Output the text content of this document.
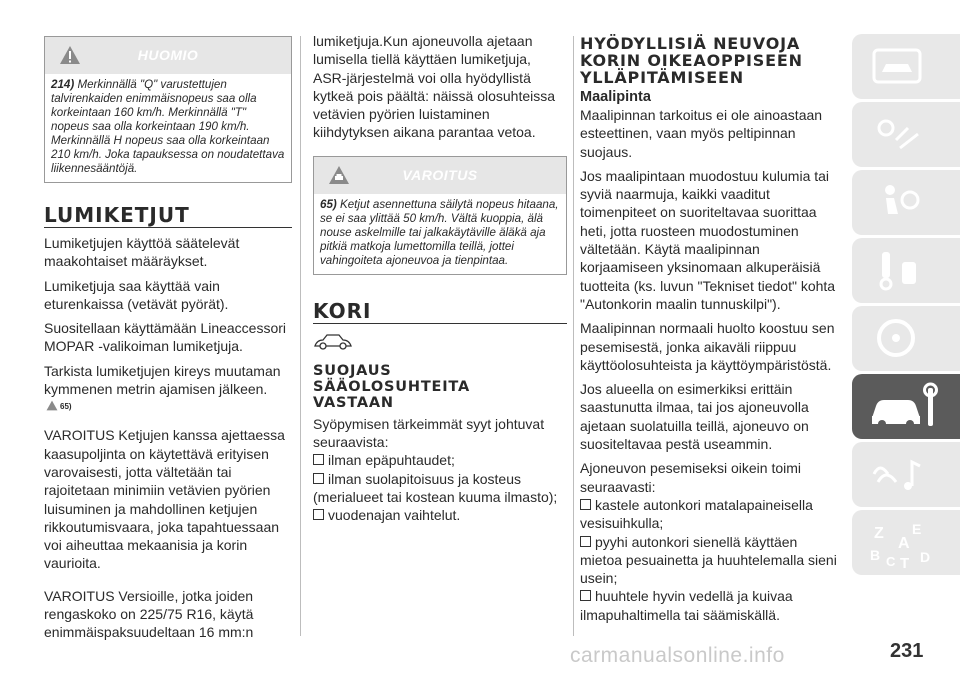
HUOMIO
214) Merkinnällä "Q" varustettujen talvirenkaiden enimmäisnopeus saa olla korkeintaan 160 km/h. Merkinnällä "T" nopeus saa olla korkeintaan 190 km/h. Merkinnällä H nopeus saa olla korkeintaan 210 km/h. Joka tapauksessa on noudatettava liikennesääntöjä.
LUMIKETJUT

Lumiketjujen käyttöä säätelevät maakohtaiset määräykset.

Lumiketjuja saa käyttää vain eturenkaissa (vetävät pyörät).

Suositellaan käyttämään Lineaccessori MOPAR -valikoiman lumiketjuja.

Tarkista lumiketjujen kireys muutaman kymmenen metrin ajamisen jälkeen.

65)

VAROITUS Ketjujen kanssa ajettaessa kaasupoljinta on käytettävä erityisen varovaisesti, jotta vältetään tai rajoitetaan minimiin vetävien pyörien luisuminen ja mahdollinen ketjujen rikkoutumisvaara, joka tapahtuessaan voi aiheuttaa mekaanisia ja korin vaurioita.

VAROITUS Versioille, jotka joiden rengaskoko on 225/75 R16, käytä enimmäispaksuudeltaan 16 mm:n

lumiketjuja.Kun ajoneuvolla ajetaan lumisella tiellä käyttäen lumiketjuja, ASR-järjestelmä voi olla hyödyllistä kytkeä pois päältä: näissä olosuhteissa vetävien pyörien luistaminen kiihdytyksen aikana parantaa vetoa.

VAROITUS
65) Ketjut asennettuna säilytä nopeus hitaana, se ei saa ylittää 50 km/h. Vältä kuoppia, älä nouse askelmille tai jalkakäytäville äläkä aja pitkiä matkoja lumettomilla teillä, jottei vahingoiteta ajoneuvoa ja tienpintaa.
KORI
SUOJAUS
SÄÄOLOSUHTEITA
VASTAAN

Syöpymisen tärkeimmät syyt johtuvat seuraavista:

ilman epäpuhtaudet;

ilman suolapitoisuus ja kosteus (merialueet tai kostean kuuma ilmasto);

vuodenajan vaihtelut.

HYÖDYLLISIÄ NEUVOJA
KORIN OIKEAOPPISEEN
YLLÄPITÄMISEEN
Maalipinta

Maalipinnan tarkoitus ei ole ainoastaan esteettinen, vaan myös peltipinnan suojaus.

Jos maalipintaan muodostuu kulumia tai syviä naarmuja, kaikki vaaditut toimenpiteet on suoriteltavaa suorittaa heti, jotta ruosteen muodostuminen vältetään. Käytä maalipinnan korjaamiseen yksinomaan alkuperäisiä tuotteita (ks. luvun "Tekniset tiedot" kohta "Autonkorin maalin tunnuskilpi").

Maalipinnan normaali huolto koostuu sen pesemisestä, jonka aikaväli riippuu käyttöolosuhteista ja käyttöympäristöstä.

Jos alueella on esimerkiksi erittäin saastunutta ilmaa, tai jos ajoneuvolla ajetaan suolatuilla teillä, ajoneuvo on suositeltavaa pestä useammin.

Ajoneuvon pesemiseksi oikein toimi seuraavasti:

kastele autonkori matalapaineisella vesisuihkulla;

pyyhi autonkori sienellä käyttäen mietoa pesuainetta ja huuhtelemalla sieni usein;

huuhtele hyvin vedellä ja kuivaa ilmapuhaltimella tai säämiskällä.

Z E
A
B C T D
carmanualsonline.info	231
